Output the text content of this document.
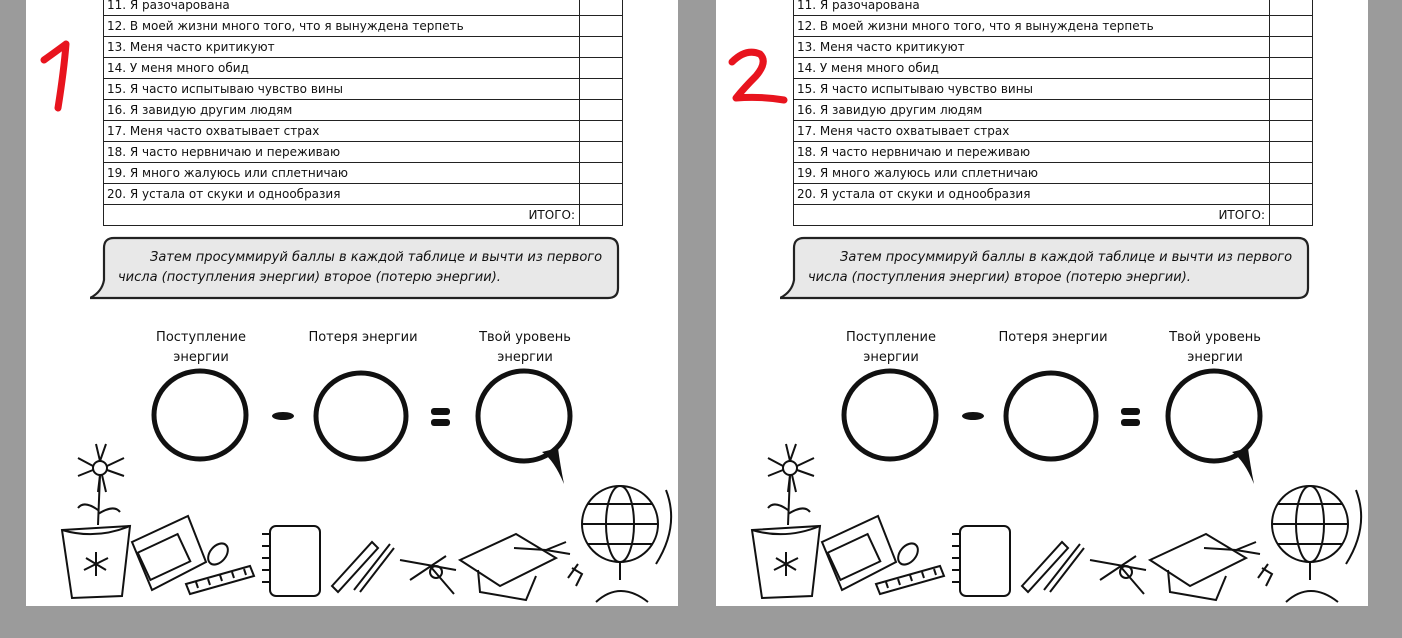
11. Я разочарована	
12. В моей жизни много того, что я вынуждена терпеть	
13. Меня часто критикуют	
14. У меня много обид	
15. Я часто испытываю чувство вины	
16. Я завидую другим людям	
17. Меня часто охватывает страх	
18. Я часто нервничаю и переживаю	
19. Я много жалуюсь или сплетничаю	
20. Я устала от скуки и однообразия	
ИТОГО:	
Затем просуммируй баллы в каждой таблице и вычти из первого числа (поступления энергии) второе (потерю энергии).
Поступление энергии
Потеря энергии	Твой уровень энергии
11. Я разочарована	
12. В моей жизни много того, что я вынуждена терпеть	
13. Меня часто критикуют	
14. У меня много обид	
15. Я часто испытываю чувство вины	
16. Я завидую другим людям	
17. Меня часто охватывает страх	
18. Я часто нервничаю и переживаю	
19. Я много жалуюсь или сплетничаю	
20. Я устала от скуки и однообразия	
ИТОГО:	
Затем просуммируй баллы в каждой таблице и вычти из первого числа (поступления энергии) второе (потерю энергии).
Поступление энергии
Потеря энергии	Твой уровень энергии
